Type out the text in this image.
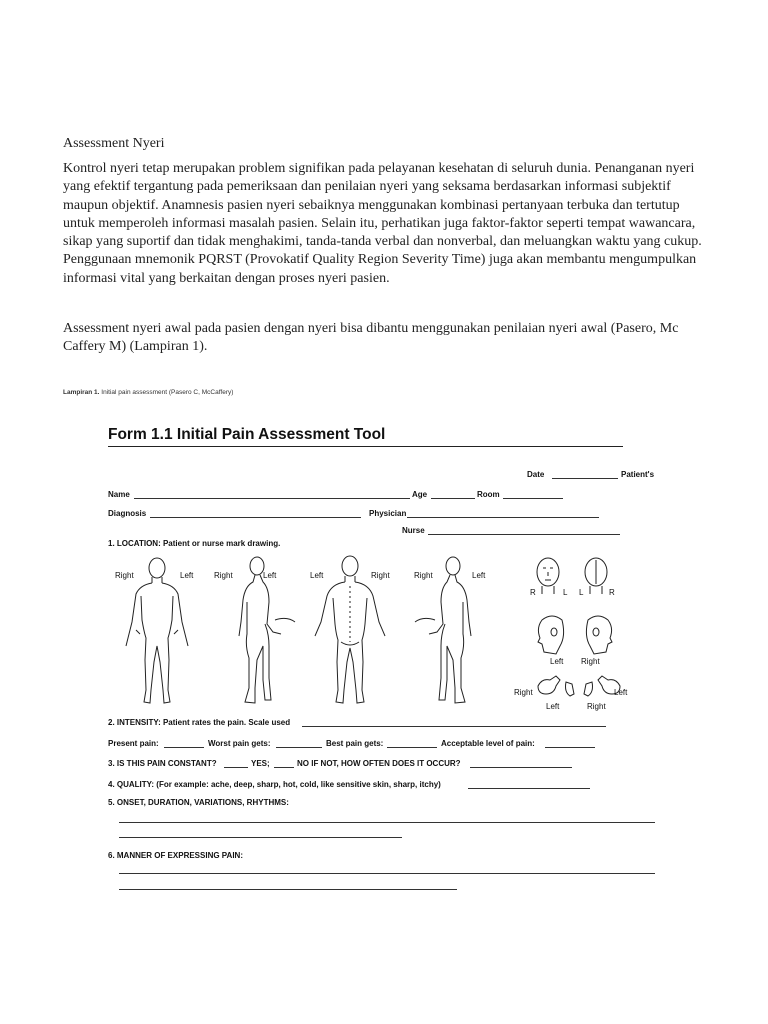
Assessment Nyeri
Kontrol nyeri tetap merupakan problem signifikan pada pelayanan kesehatan di seluruh dunia. Penanganan nyeri yang efektif tergantung pada pemeriksaan dan penilaian nyeri yang seksama berdasarkan informasi subjektif maupun objektif. Anamnesis pasien nyeri sebaiknya menggunakan kombinasi pertanyaan terbuka dan tertutup untuk memperoleh informasi masalah pasien. Selain itu, perhatikan juga faktor-faktor seperti tempat wawancara, sikap yang suportif dan tidak menghakimi, tanda-tanda verbal dan nonverbal, dan meluangkan waktu yang cukup. Penggunaan mnemonik PQRST (Provokatif Quality Region Severity Time) juga akan membantu mengumpulkan informasi vital yang berkaitan dengan proses nyeri pasien.
Assessment nyeri awal pada pasien dengan nyeri bisa dibantu menggunakan penilaian nyeri awal (Pasero, Mc Caffery M) (Lampiran 1).
Lampiran 1. Initial pain assessment (Pasero C, McCaffery)
Form 1.1 Initial Pain Assessment Tool
Date	Patient's
Name	Age	Room
Diagnosis	Physician
Nurse
1. LOCATION: Patient or nurse mark drawing.
Right	Left	Right	Left	Left	Right	Right	Left
R	L L	R
Left Right
Right	Left
Left	Right
2. INTENSITY: Patient rates the pain. Scale used
Present pain:	Worst pain gets:	Best pain gets:	Acceptable level of pain:
3. IS THIS PAIN CONSTANT?	YES;	NO IF NOT, HOW OFTEN DOES IT OCCUR?
4. QUALITY: (For example: ache, deep, sharp, hot, cold, like sensitive skin, sharp, itchy)
5. ONSET, DURATION, VARIATIONS, RHYTHMS:
6. MANNER OF EXPRESSING PAIN:
